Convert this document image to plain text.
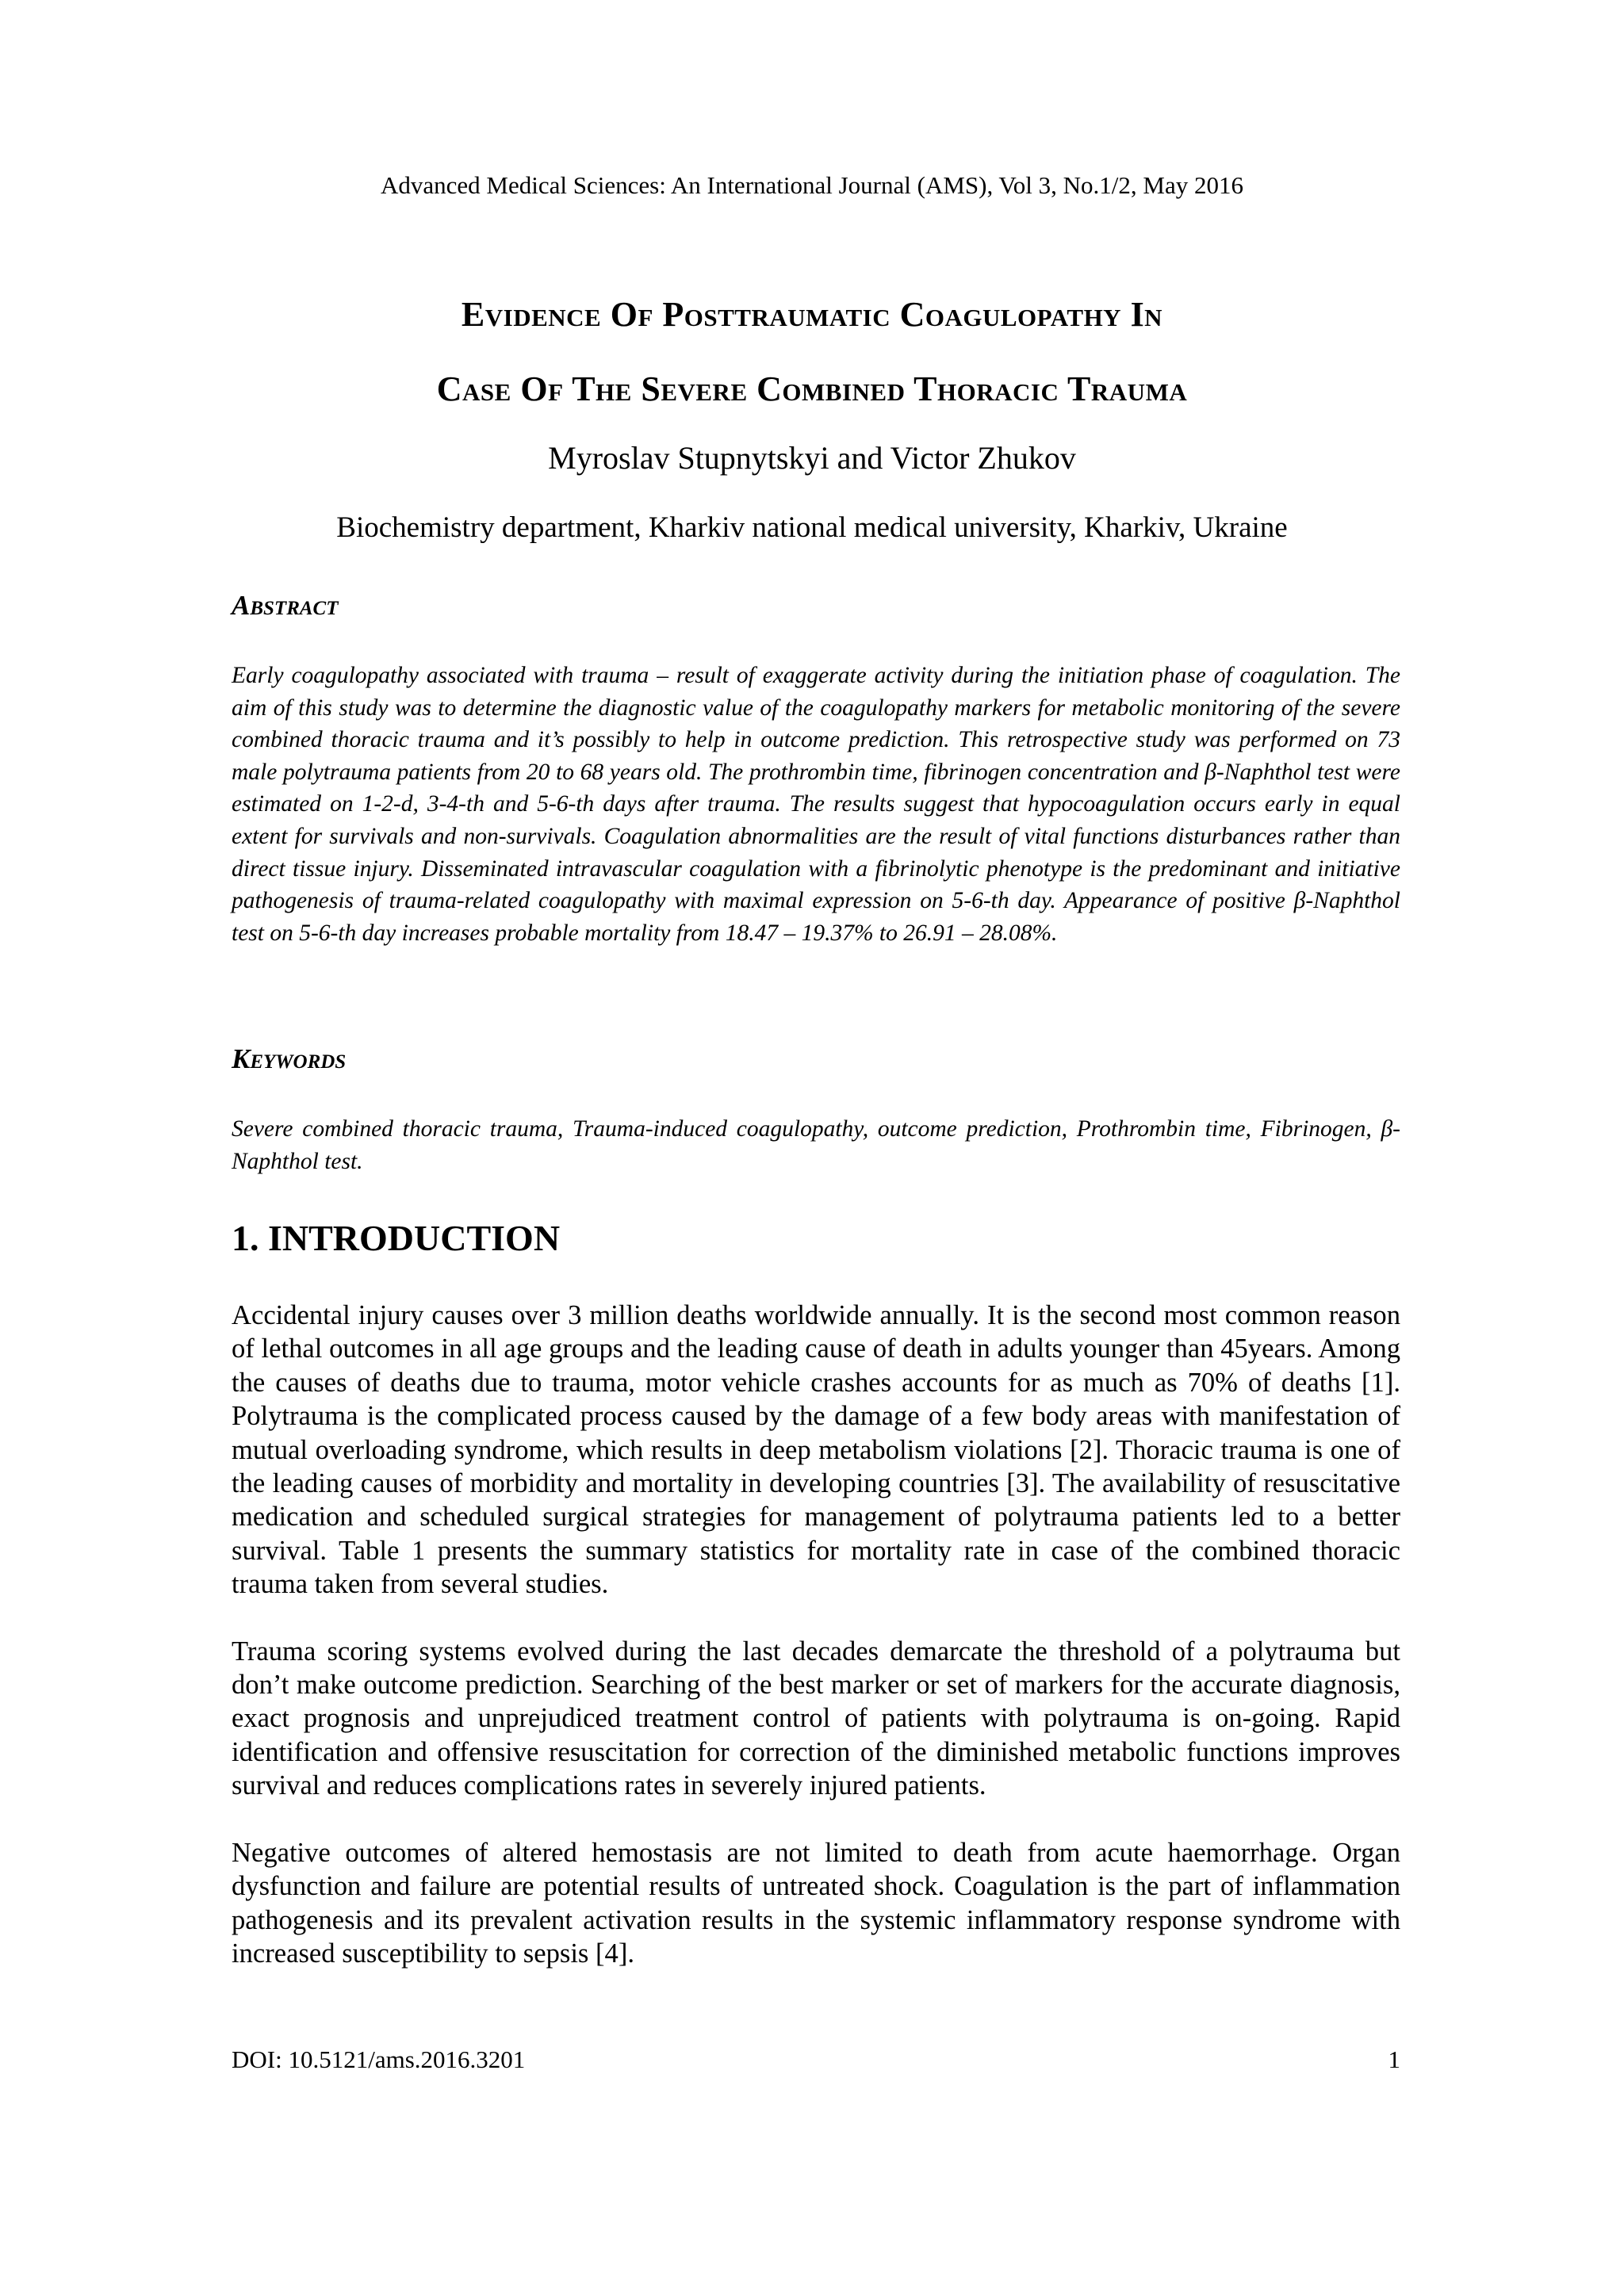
Advanced Medical Sciences: An International Journal (AMS), Vol 3, No.1/2, May 2016
Evidence Of Posttraumatic Coagulopathy In
Case Of The Severe Combined Thoracic Trauma
Myroslav Stupnytskyi and Victor Zhukov
Biochemistry department, Kharkiv national medical university, Kharkiv, Ukraine
Abstract
Early coagulopathy associated with trauma – result of exaggerate activity during the initiation phase of coagulation. The aim of this study was to determine the diagnostic value of the coagulopathy markers for metabolic monitoring of the severe combined thoracic trauma and it’s possibly to help in outcome prediction. This retrospective study was performed on 73 male polytrauma patients from 20 to 68 years old. The prothrombin time, fibrinogen concentration and β-Naphthol test were estimated on 1-2-d, 3-4-th and 5-6-th days after trauma. The results suggest that hypocoagulation occurs early in equal extent for survivals and non-survivals. Coagulation abnormalities are the result of vital functions disturbances rather than direct tissue injury. Disseminated intravascular coagulation with a fibrinolytic phenotype is the predominant and initiative pathogenesis of trauma-related coagulopathy with maximal expression on 5-6-th day. Appearance of positive β-Naphthol test on 5-6-th day increases probable mortality from 18.47 – 19.37% to 26.91 – 28.08%.
Keywords
Severe combined thoracic trauma, Trauma-induced coagulopathy, outcome prediction, Prothrombin time, Fibrinogen, β-Naphthol test.
1. INTRODUCTION

Accidental injury causes over 3 million deaths worldwide annually. It is the second most common reason of lethal outcomes in all age groups and the leading cause of death in adults younger than 45years. Among the causes of deaths due to trauma, motor vehicle crashes accounts for as much as 70% of deaths [1]. Polytrauma is the complicated process caused by the damage of a few body areas with manifestation of mutual overloading syndrome, which results in deep metabolism violations [2]. Thoracic trauma is one of the leading causes of morbidity and mortality in developing countries [3]. The availability of resuscitative medication and scheduled surgical strategies for management of polytrauma patients led to a better survival. Table 1 presents the summary statistics for mortality rate in case of the combined thoracic trauma taken from several studies.

Trauma scoring systems evolved during the last decades demarcate the threshold of a polytrauma but don’t make outcome prediction. Searching of the best marker or set of markers for the accurate diagnosis, exact prognosis and unprejudiced treatment control of patients with polytrauma is on-going. Rapid identification and offensive resuscitation for correction of the diminished metabolic functions improves survival and reduces complications rates in severely injured patients.

Negative outcomes of altered hemostasis are not limited to death from acute haemorrhage. Organ dysfunction and failure are potential results of untreated shock. Coagulation is the part of inflammation pathogenesis and its prevalent activation results in the systemic inflammatory response syndrome with increased susceptibility to sepsis [4].

DOI: 10.5121/ams.2016.3201	1
